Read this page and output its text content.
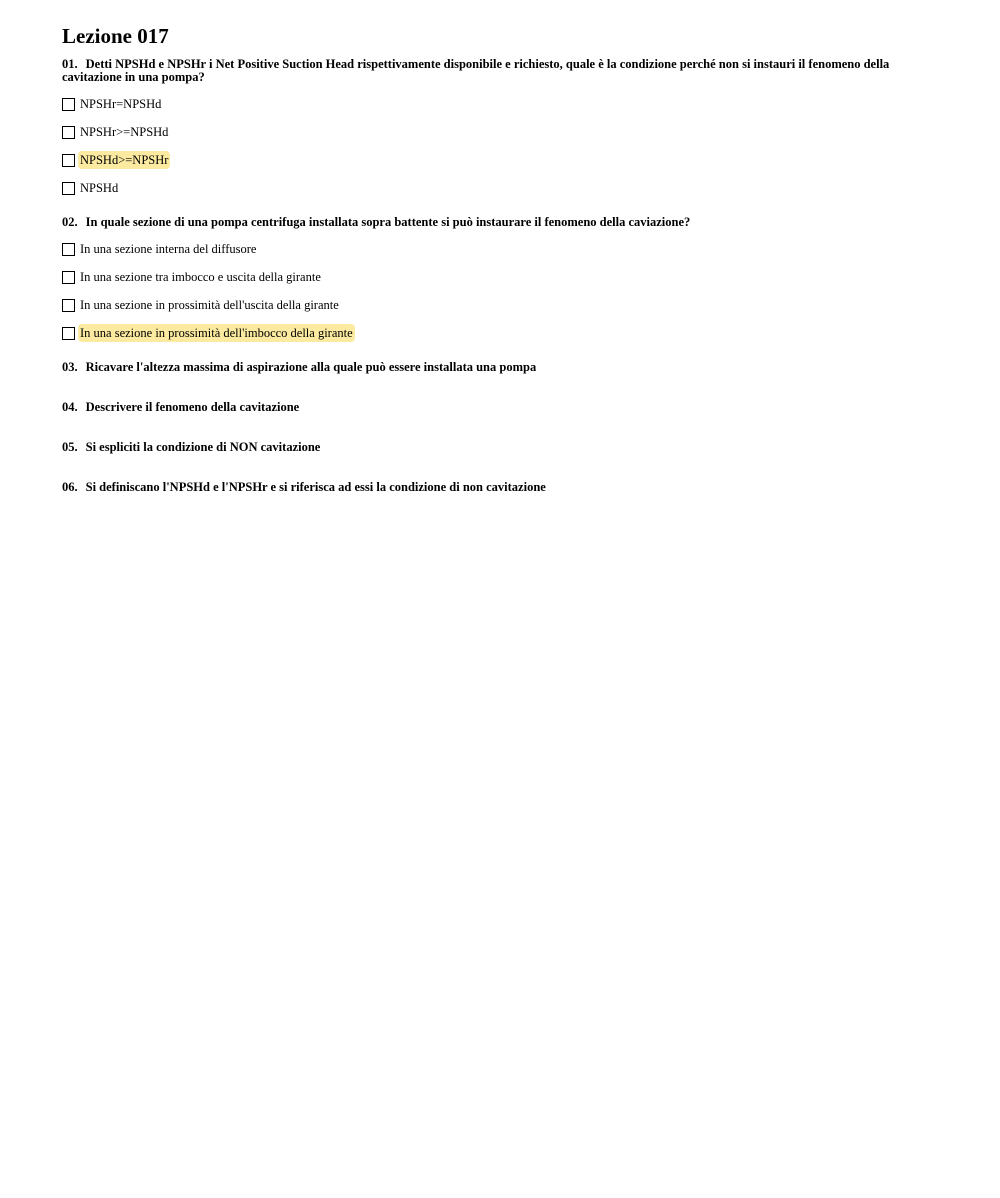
Lezione 017

01. Detti NPSHd e NPSHr i Net Positive Suction Head rispettivamente disponibile e richiesto, quale è la condizione perché non si instauri il fenomeno della cavitazione in una pompa?

NPSHr=NPSHd
NPSHr>=NPSHd
NPSHd>=NPSHr
NPSHd

02. In quale sezione di una pompa centrifuga installata sopra battente si può instaurare il fenomeno della caviazione?

In una sezione interna del diffusore
In una sezione tra imbocco e uscita della girante
In una sezione in prossimità dell'uscita della girante
In una sezione in prossimità dell'imbocco della girante

03. Ricavare l'altezza massima di aspirazione alla quale può essere installata una pompa

04. Descrivere il fenomeno della cavitazione

05. Si espliciti la condizione di NON cavitazione

06. Si definiscano l'NPSHd e l'NPSHr e si riferisca ad essi la condizione di non cavitazione
